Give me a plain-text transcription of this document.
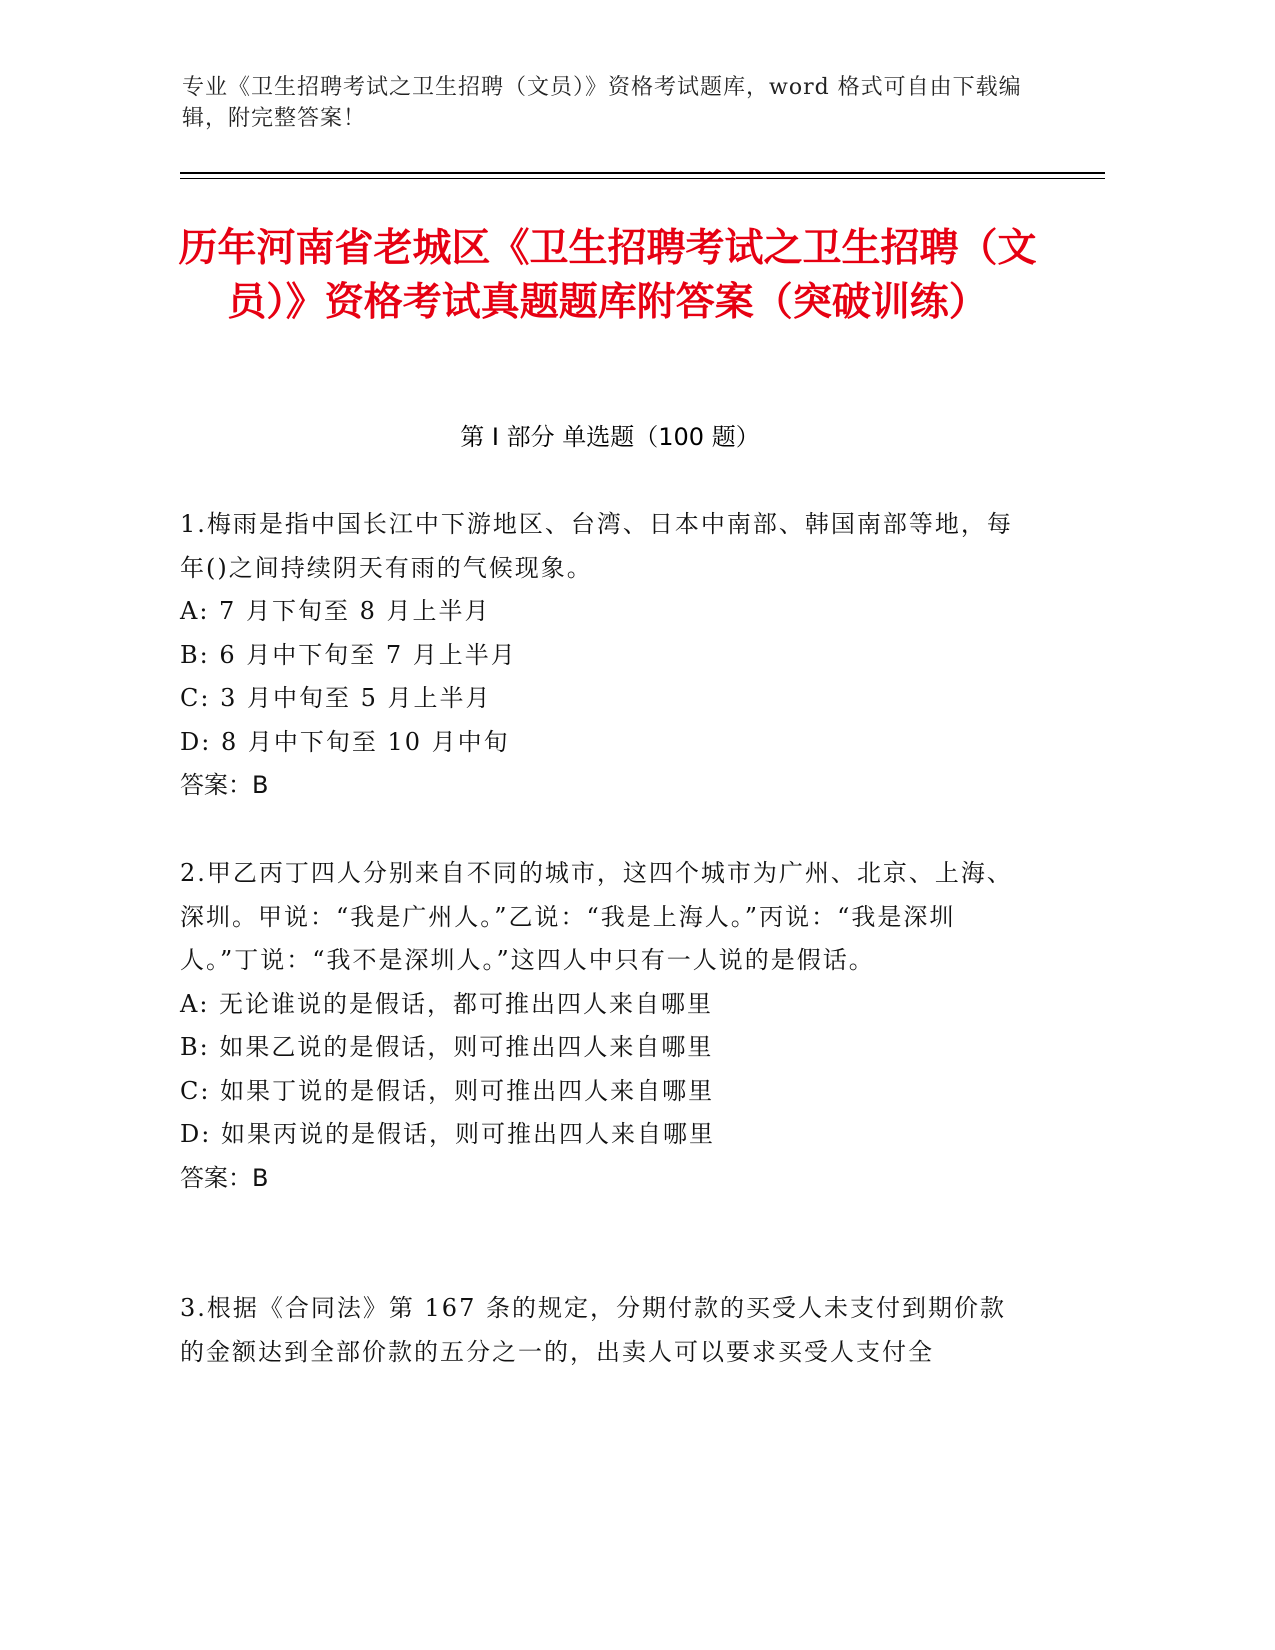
专业《卫生招聘考试之卫生招聘（文员）》资格考试题库，word 格式可自由下载编辑，附完整答案！
历年河南省老城区《卫生招聘考试之卫生招聘（文员）》资格考试真题题库附答案（突破训练）
第 I 部分 单选题（100 题）

1.梅雨是指中国长江中下游地区、台湾、日本中南部、韩国南部等地，每年()之间持续阴天有雨的气候现象。

A: 7 月下旬至 8 月上半月

B: 6 月中下旬至 7 月上半月

C: 3 月中旬至 5 月上半月

D: 8 月中下旬至 10 月中旬

答案：B

2.甲乙丙丁四人分别来自不同的城市，这四个城市为广州、北京、上海、深圳。甲说：“我是广州人。”乙说：“我是上海人。”丙说：“我是深圳人。”丁说：“我不是深圳人。”这四人中只有一人说的是假话。

A: 无论谁说的是假话，都可推出四人来自哪里

B: 如果乙说的是假话，则可推出四人来自哪里

C: 如果丁说的是假话，则可推出四人来自哪里

D: 如果丙说的是假话，则可推出四人来自哪里

答案：B

3.根据《合同法》第 167 条的规定，分期付款的买受人未支付到期价款的金额达到全部价款的五分之一的，出卖人可以要求买受人支付全
